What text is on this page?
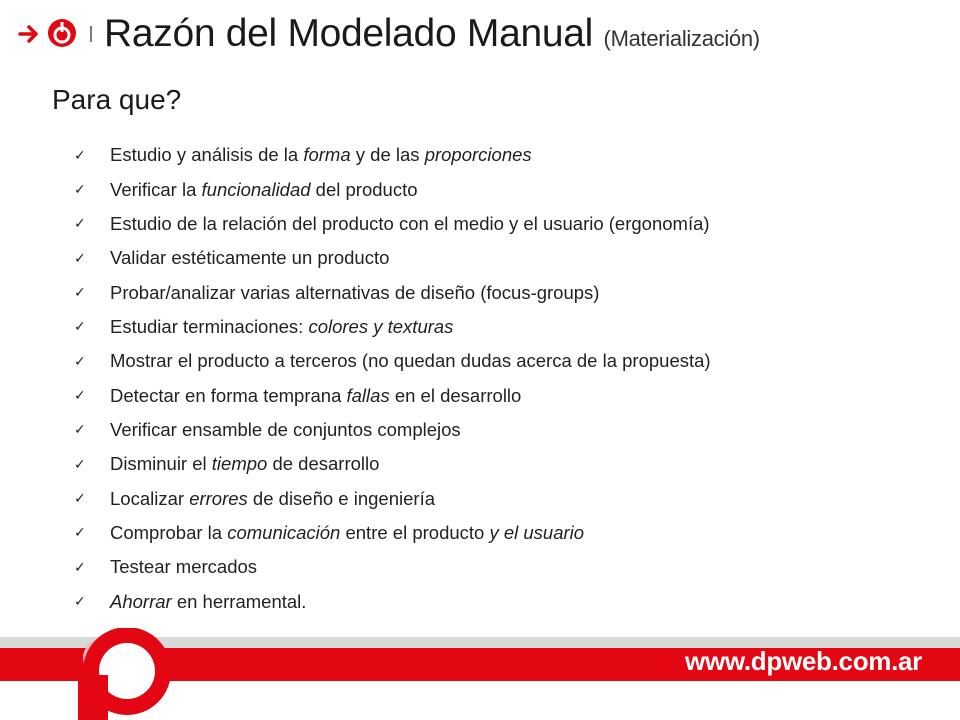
Razón del Modelado Manual (Materialización)
Para que?
✓	Estudio y análisis de la forma y de las proporciones
✓	Verificar la funcionalidad del producto
✓	Estudio de la relación del producto con el medio y el usuario (ergonomía)
✓	Validar estéticamente un producto
✓	Probar/analizar varias alternativas de diseño (focus-groups)
✓	Estudiar terminaciones: colores y texturas
✓	Mostrar el producto a terceros (no quedan dudas acerca de la propuesta)
✓	Detectar en forma temprana fallas en el desarrollo
✓	Verificar ensamble de conjuntos complejos
✓	Disminuir el tiempo de desarrollo
✓	Localizar errores de diseño e ingeniería
✓	Comprobar la comunicación entre el producto y el usuario
✓	Testear mercados
✓	Ahorrar en herramental.
www.dpweb.com.ar
